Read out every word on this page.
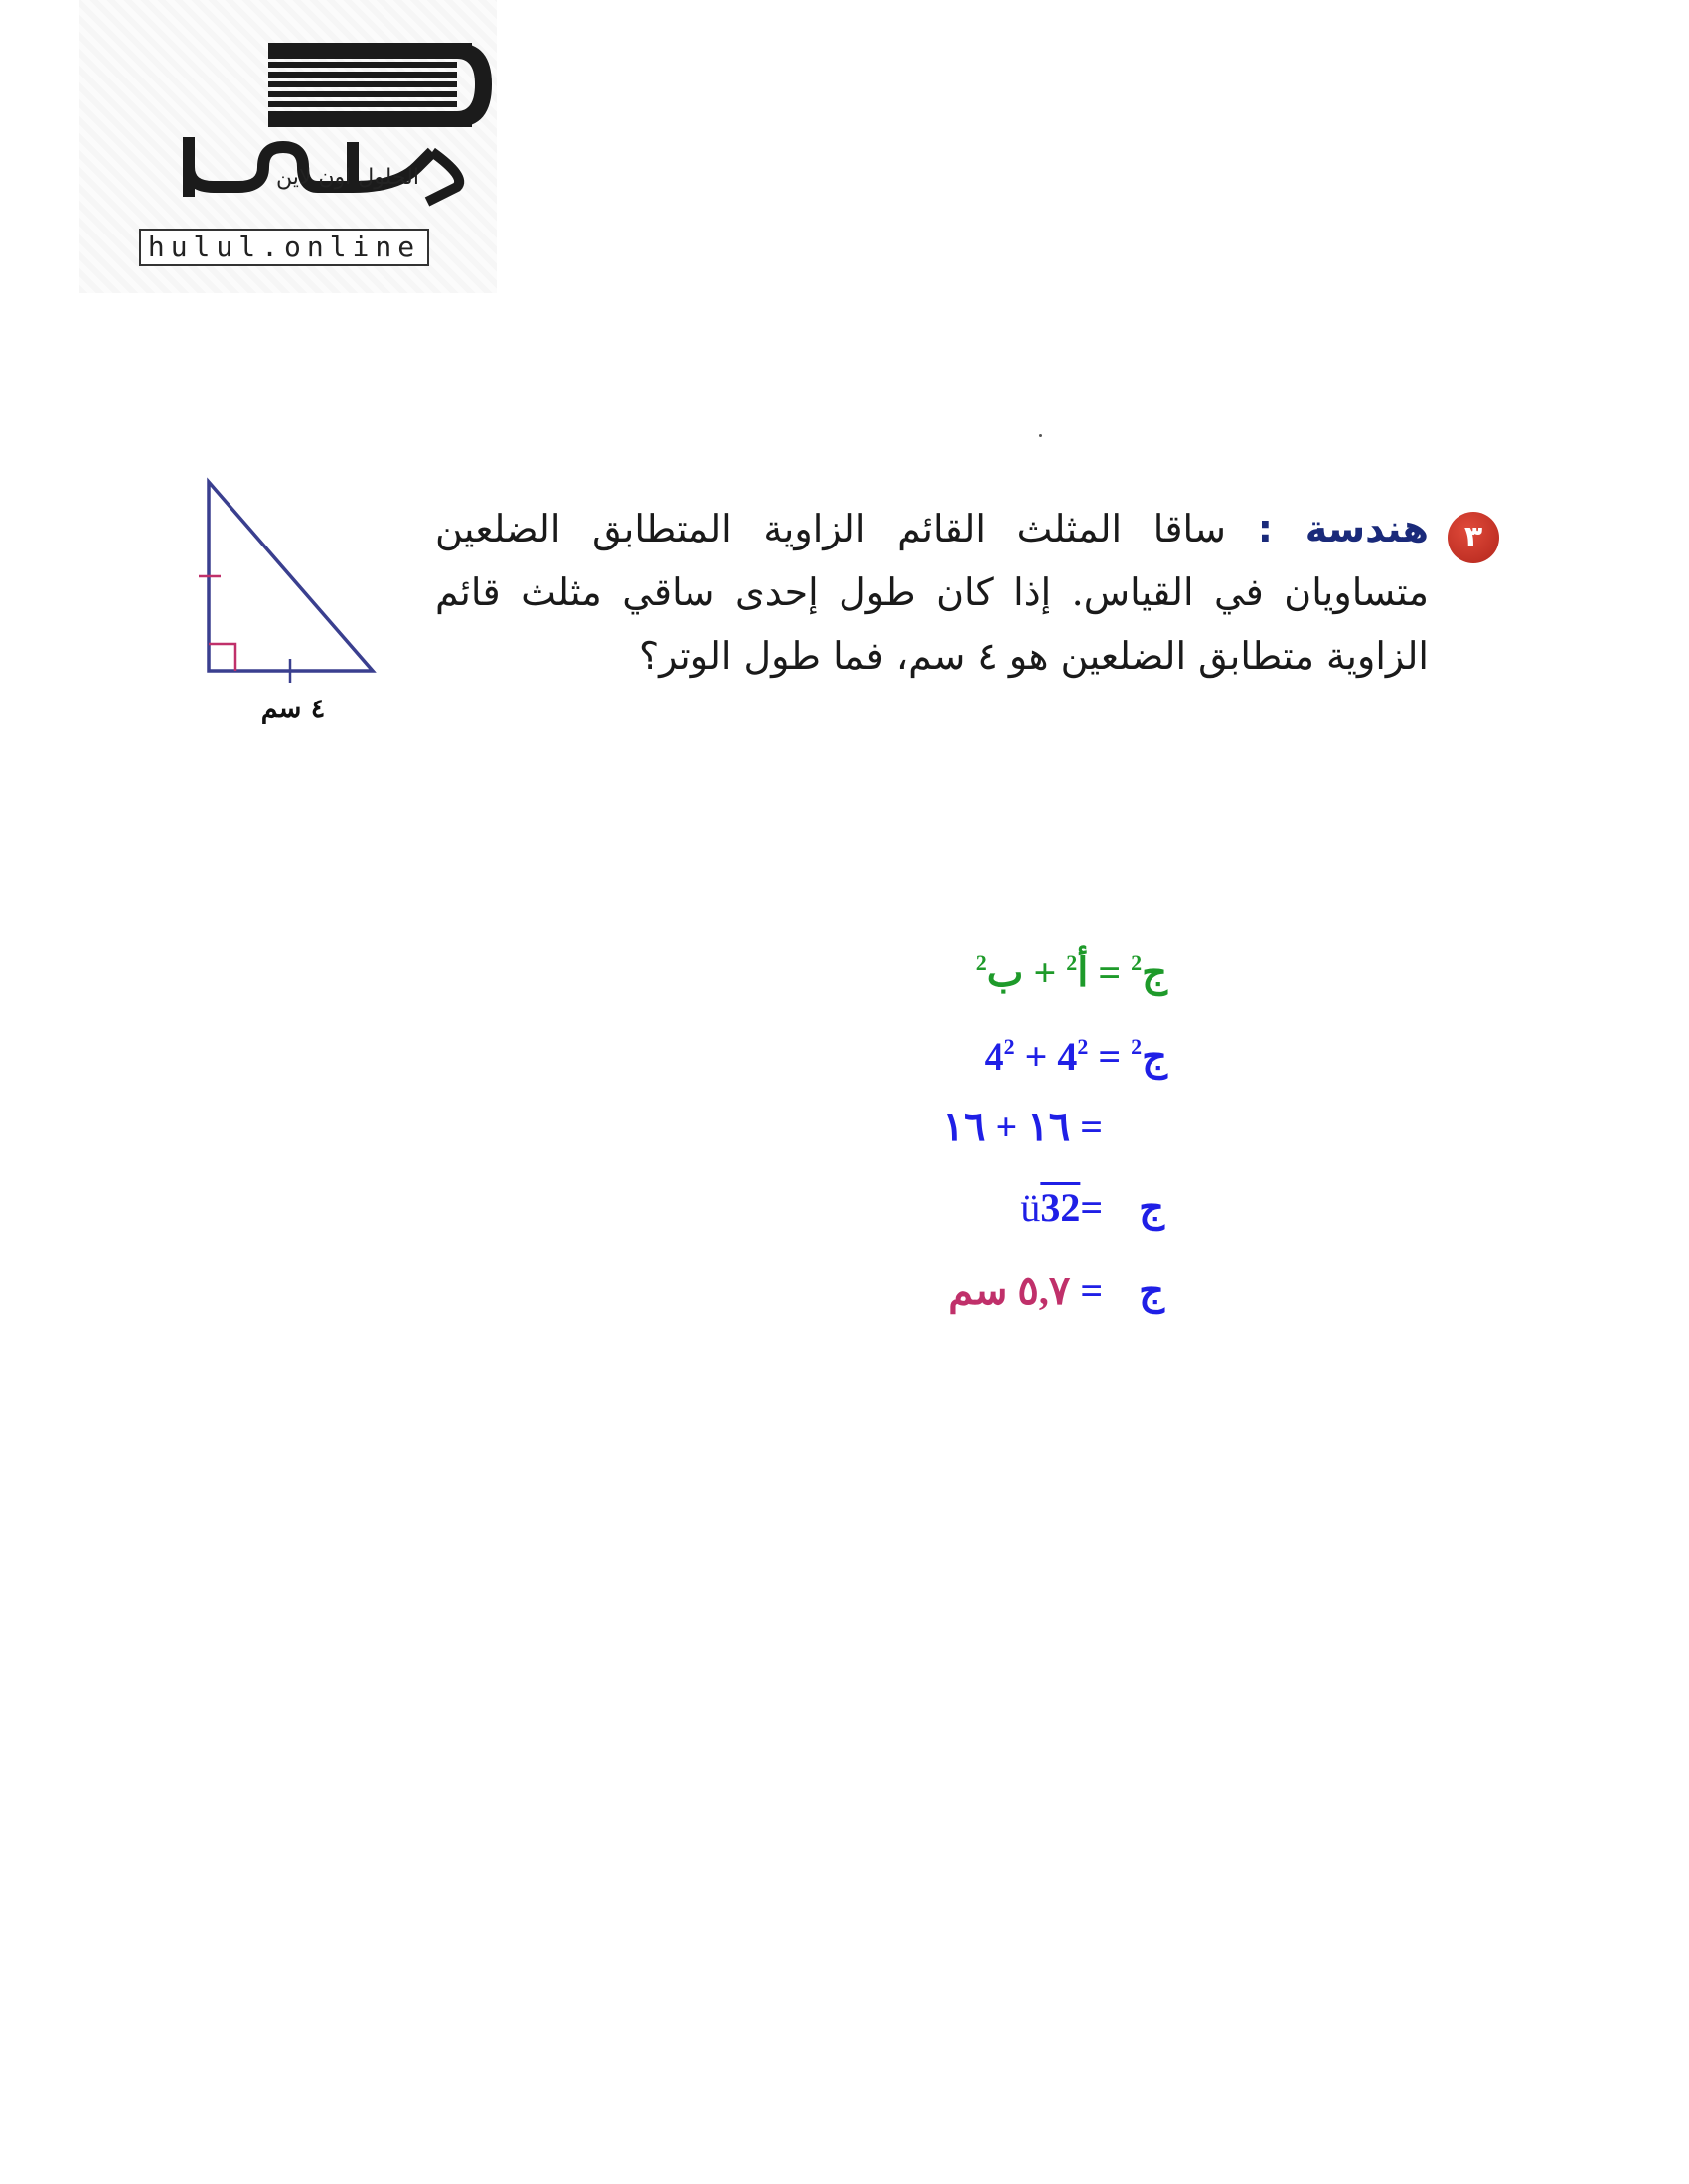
الحلول اون لاين
hulul.online
٤ سم
٣
هندسة : ساقا المثلث القائم الزاوية المتطابق الضلعين متساويان في القياس. إذا كان طول إحدى ساقي مثلث قائم الزاوية متطابق الضلعين هو ٤ سم، فما طول الوتر؟
ج$^2$ = أ$^2$ + ب$^2$
ج$^2$ = $4^2 + 4^2$
= ١٦ + ١٦
ج=ü32
ج= ٥,٧ سم
